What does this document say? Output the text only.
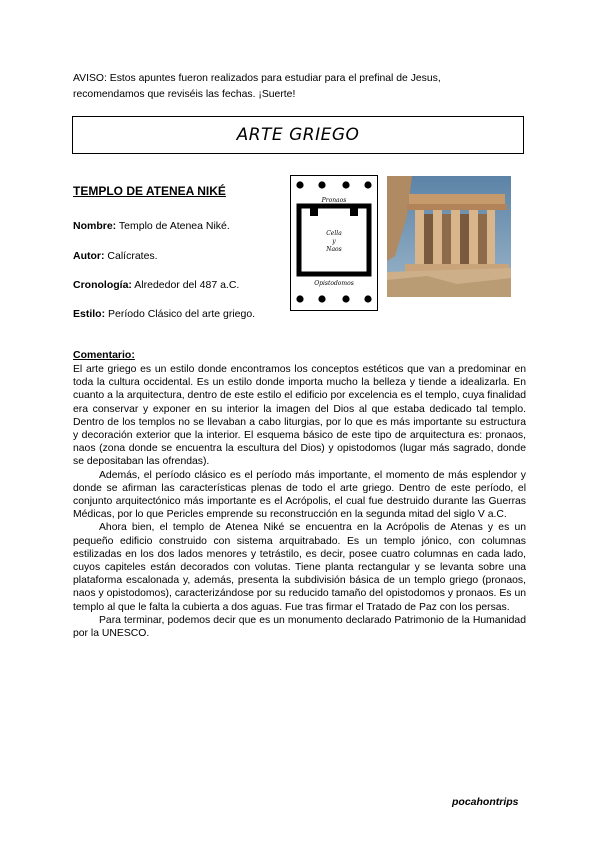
AVISO: Estos apuntes fueron realizados para estudiar para el prefinal de Jesus,
recomendamos que reviséis las fechas. ¡Suerte!
ARTE GRIEGO
TEMPLO DE ATENEA NIKÉ
Nombre: Templo de Atenea Niké.
Autor: Calícrates.
Cronología: Alrededor del 487 a.C.
Estilo: Período Clásico del arte griego.
Pronaos
Cella
y
Naos
Opistodomos
Comentario:

El arte griego es un estilo donde encontramos los conceptos estéticos que van a predominar en toda la cultura occidental. Es un estilo donde importa mucho la belleza y tiende a idealizarla. En cuanto a la arquitectura, dentro de este estilo el edificio por excelencia es el templo, cuya finalidad era conservar y exponer en su interior la imagen del Dios al que estaba dedicado tal templo. Dentro de los templos no se llevaban a cabo liturgias, por lo que es más importante su estructura y decoración exterior que la interior. El esquema básico de este tipo de arquitectura es: pronaos, naos (zona donde se encuentra la escultura del Dios) y opistodomos (lugar más sagrado, donde se depositaban las ofrendas).

Además, el período clásico es el período más importante, el momento de más esplendor y donde se afirman las características plenas de todo el arte griego. Dentro de este período, el conjunto arquitectónico más importante es el Acrópolis, el cual fue destruido durante las Guerras Médicas, por lo que Pericles emprende su reconstrucción en la segunda mitad del siglo V a.C.

Ahora bien, el templo de Atenea Niké se encuentra en la Acrópolis de Atenas y es un pequeño edificio construido con sistema arquitrabado. Es un templo jónico, con columnas estilizadas en los dos lados menores y tetrástilo, es decir, posee cuatro columnas en cada lado, cuyos capiteles están decorados con volutas. Tiene planta rectangular y se levanta sobre una plataforma escalonada y, además, presenta la subdivisión básica de un templo griego (pronaos, naos y opistodomos), caracterizándose por su reducido tamaño del opistodomos y pronaos. Es un templo al que le falta la cubierta a dos aguas. Fue tras firmar el Tratado de Paz con los persas.

Para terminar, podemos decir que es un monumento declarado Patrimonio de la Humanidad por la UNESCO.

pocahontrips
